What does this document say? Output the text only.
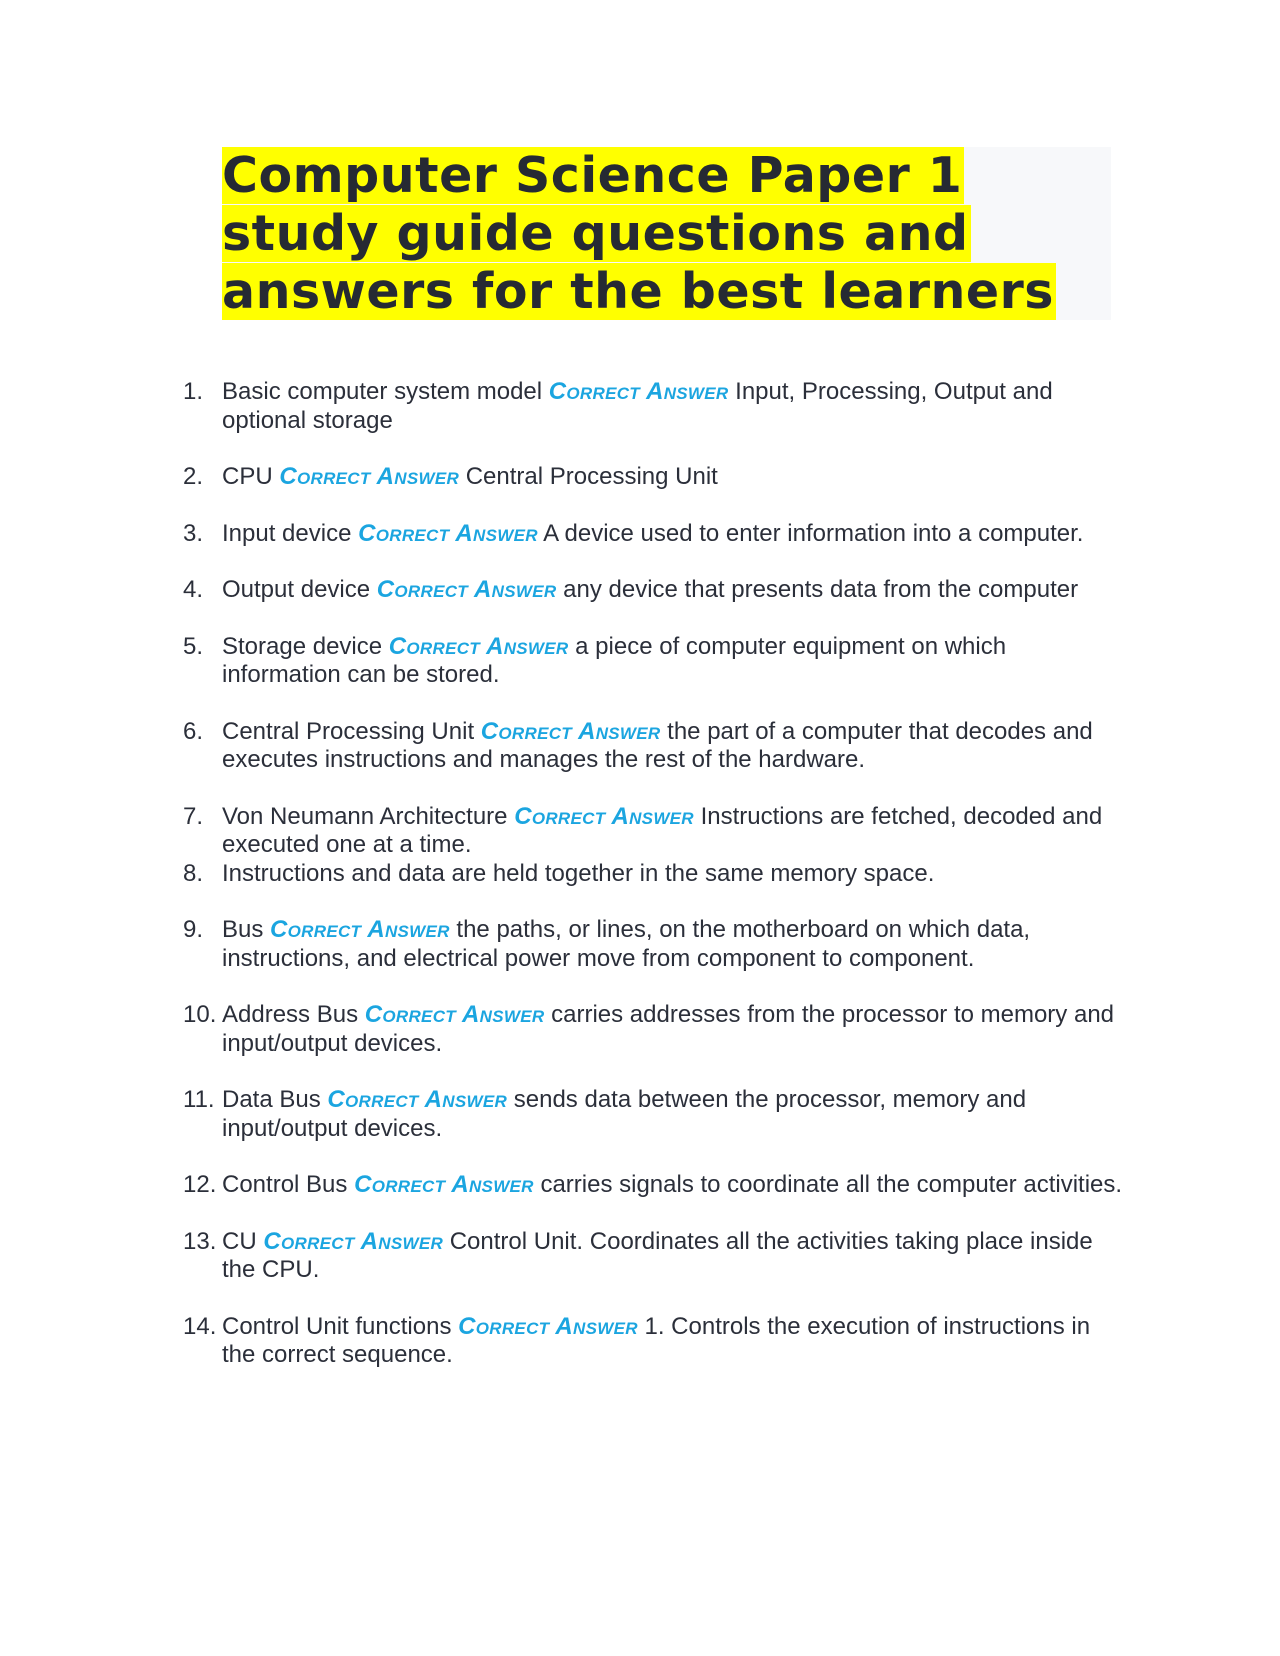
Computer Science Paper 1
study guide questions and
answers for the best learners
1. Basic computer system model Correct Answer Input, Processing, Output and optional storage
2. CPU Correct Answer Central Processing Unit
3. Input device Correct Answer A device used to enter information into a computer.
4. Output device Correct Answer any device that presents data from the computer
5. Storage device Correct Answer a piece of computer equipment on which information can be stored.
6. Central Processing Unit Correct Answer the part of a computer that decodes and executes instructions and manages the rest of the hardware.
7. Von Neumann Architecture Correct Answer Instructions are fetched, decoded and executed one at a time.
8. Instructions and data are held together in the same memory space.
9. Bus Correct Answer the paths, or lines, on the motherboard on which data, instructions, and electrical power move from component to component.
10. Address Bus Correct Answer carries addresses from the processor to memory and input/output devices.
11. Data Bus Correct Answer sends data between the processor, memory and input/output devices.
12. Control Bus Correct Answer carries signals to coordinate all the computer activities.
13. CU Correct Answer Control Unit. Coordinates all the activities taking place inside the CPU.
14. Control Unit functions Correct Answer 1. Controls the execution of instructions in the correct sequence.
